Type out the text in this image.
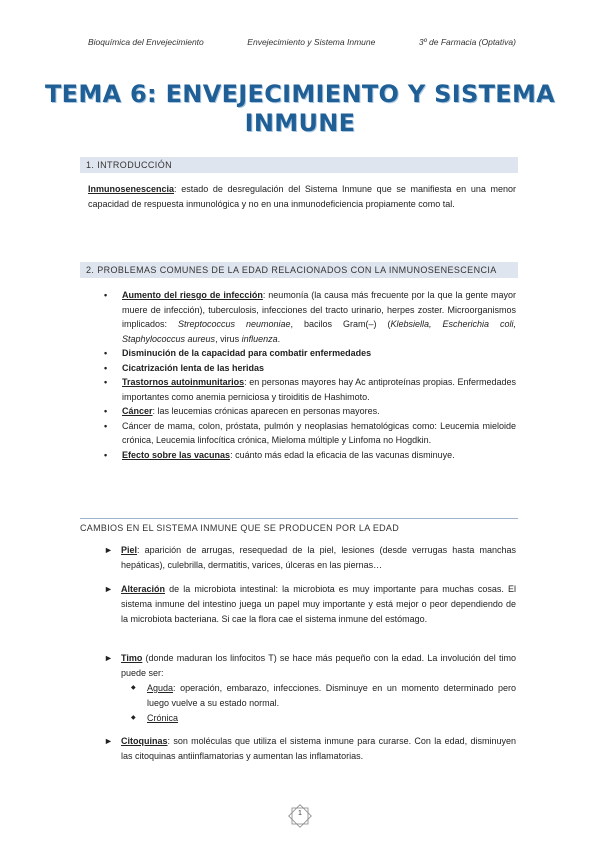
Bioquímica del Envejecimiento	Envejecimiento y Sistema Inmune	3º de Farmacia (Optativa)
TEMA 6: ENVEJECIMIENTO Y SISTEMA
INMUNE
1. INTRODUCCIÓN
Inmunosenescencia: estado de desregulación del Sistema Inmune que se manifiesta en una menor capacidad de respuesta inmunológica y no en una inmunodeficiencia propiamente como tal.
2. PROBLEMAS COMUNES DE LA EDAD RELACIONADOS CON LA INMUNOSENESCENCIA
• Aumento del riesgo de infección: neumonía (la causa más frecuente por la que la gente mayor muere de infección), tuberculosis, infecciones del tracto urinario, herpes zoster. Microorganismos implicados: Streptococcus neumoniae, bacilos Gram(–) (Klebsiella, Escherichia coli, Staphylococcus aureus, virus influenza.
• Disminución de la capacidad para combatir enfermedades
• Cicatrización lenta de las heridas
• Trastornos autoinmunitarios: en personas mayores hay Ac antiproteínas propias. Enfermedades importantes como anemia perniciosa y tiroiditis de Hashimoto.
• Cáncer: las leucemias crónicas aparecen en personas mayores.
• Cáncer de mama, colon, próstata, pulmón y neoplasias hematológicas como: Leucemia mieloide crónica, Leucemia linfocítica crónica, Mieloma múltiple y Linfoma no Hogdkin.
• Efecto sobre las vacunas: cuánto más edad la eficacia de las vacunas disminuye.
CAMBIOS EN EL SISTEMA INMUNE QUE SE PRODUCEN POR LA EDAD
► Piel: aparición de arrugas, resequedad de la piel, lesiones (desde verrugas hasta manchas hepáticas), culebrilla, dermatitis, varices, úlceras en las piernas…
► Alteración de la microbiota intestinal: la microbiota es muy importante para muchas cosas. El sistema inmune del intestino juega un papel muy importante y está mejor o peor dependiendo de la microbiota bacteriana. Si cae la flora cae el sistema inmune del estómago.
► Timo (donde maduran los linfocitos T) se hace más pequeño con la edad. La involución del timo puede ser:
◆ Aguda: operación, embarazo, infecciones. Disminuye en un momento determinado pero luego vuelve a su estado normal.
◆ Crónica
► Citoquinas: son moléculas que utiliza el sistema inmune para curarse. Con la edad, disminuyen las citoquinas antiinflamatorias y aumentan las inflamatorias.
1
